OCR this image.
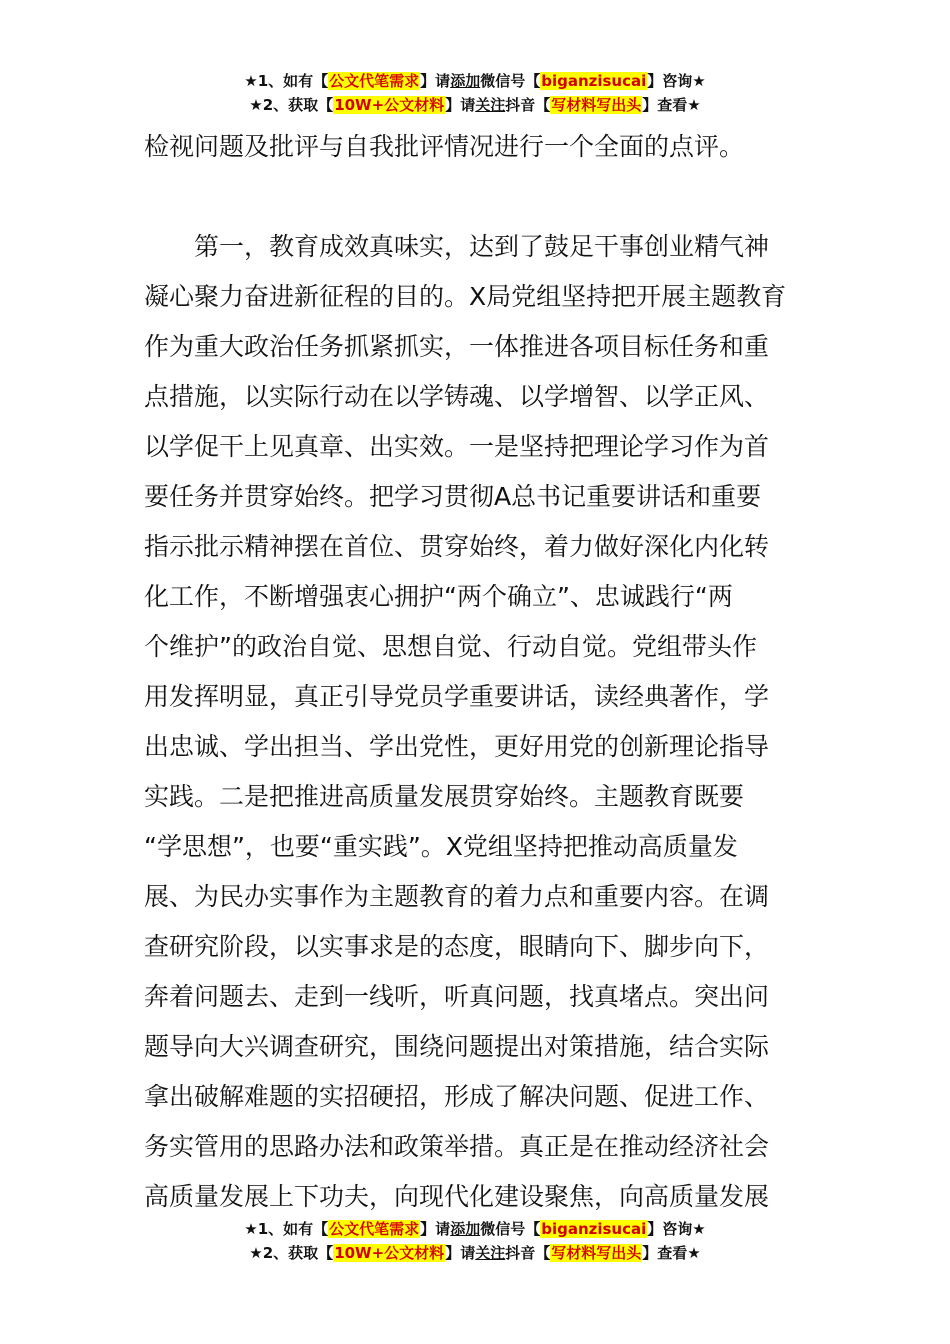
★1、如有【公文代笔需求】请添加微信号【biganzisucai】咨询★
★2、获取【10W+公文材料】请关注抖音【写材料写出头】查看★
检视问题及批评与自我批评情况进行一个全面的点评。
　　第一，教育成效真味实，达到了鼓足干事创业精气神
凝心聚力奋进新征程的目的。X局党组坚持把开展主题教育
作为重大政治任务抓紧抓实，一体推进各项目标任务和重
点措施，以实际行动在以学铸魂、以学增智、以学正风、
以学促干上见真章、出实效。一是坚持把理论学习作为首
要任务并贯穿始终。把学习贯彻A总书记重要讲话和重要
指示批示精神摆在首位、贯穿始终，着力做好深化内化转
化工作，不断增强衷心拥护“两个确立”、忠诚践行“两
个维护”的政治自觉、思想自觉、行动自觉。党组带头作
用发挥明显，真正引导党员学重要讲话，读经典著作，学
出忠诚、学出担当、学出党性，更好用党的创新理论指导
实践。二是把推进高质量发展贯穿始终。主题教育既要
“学思想”，也要“重实践”。X党组坚持把推动高质量发
展、为民办实事作为主题教育的着力点和重要内容。在调
查研究阶段，以实事求是的态度，眼睛向下、脚步向下，
奔着问题去、走到一线听，听真问题，找真堵点。突出问
题导向大兴调查研究，围绕问题提出对策措施，结合实际
拿出破解难题的实招硬招，形成了解决问题、促进工作、
务实管用的思路办法和政策举措。真正是在推动经济社会
高质量发展上下功夫，向现代化建设聚焦，向高质量发展
★1、如有【公文代笔需求】请添加微信号【biganzisucai】咨询★
★2、获取【10W+公文材料】请关注抖音【写材料写出头】查看★
